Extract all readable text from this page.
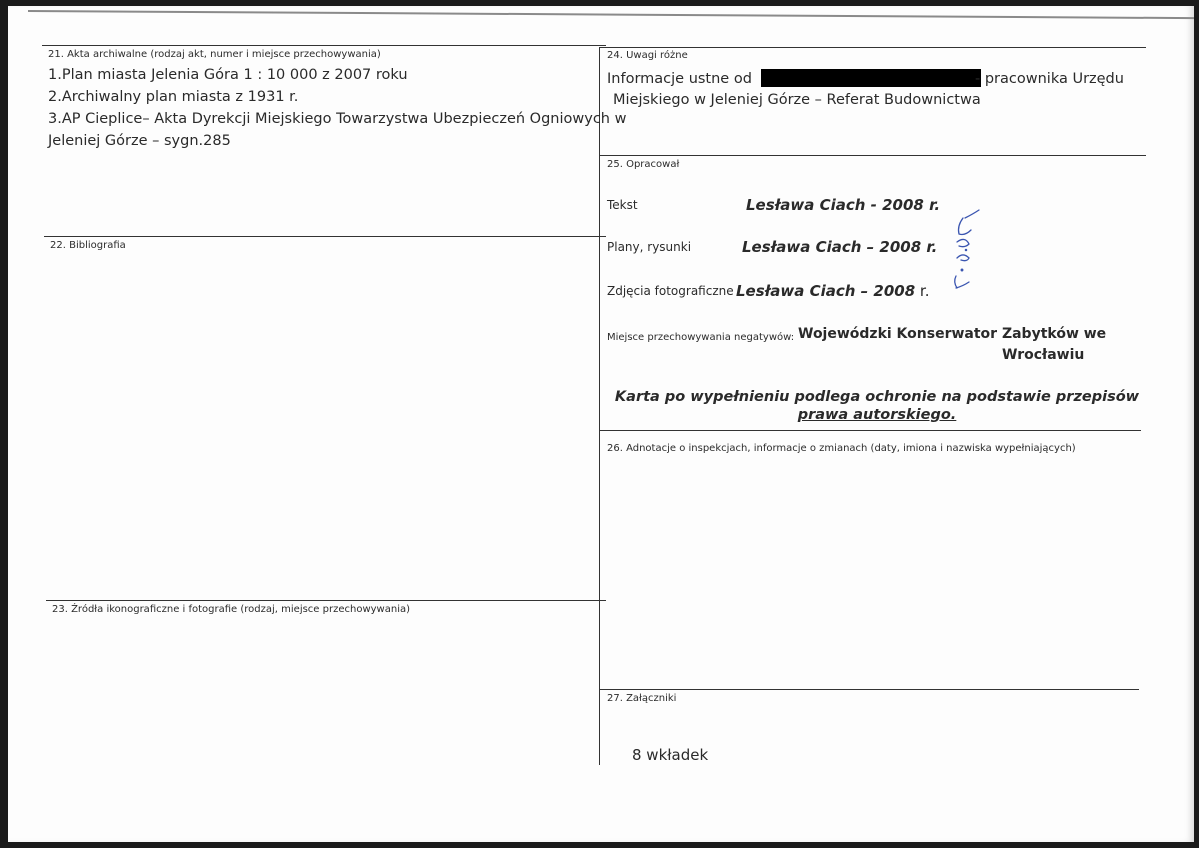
21. Akta archiwalne (rodzaj akt, numer i miejsce przechowywania)
1.Plan miasta Jelenia Góra 1 : 10 000 z 2007 roku
2.Archiwalny plan miasta z 1931 r.
3.AP Cieplice– Akta Dyrekcji Miejskiego Towarzystwa Ubezpieczeń Ogniowych w
Jeleniej Górze – sygn.285
22. Bibliografia
23. Źródła ikonograficzne i fotografie (rodzaj, miejsce przechowywania)
24. Uwagi różne
Informacje ustne od	- pracownika Urzędu
Miejskiego w Jeleniej Górze – Referat Budownictwa
25. Opracował
Tekst	Lesława Ciach - 2008 r.
Plany, rysunki	Lesława Ciach – 2008 r.
Zdjęcia fotograficzne Lesława Ciach – 2008 r.
Miejsce przechowywania negatywów: Wojewódzki Konserwator Zabytków we
Wrocławiu
Karta po wypełnieniu podlega ochronie na podstawie przepisów
prawa autorskiego.
26. Adnotacje o inspekcjach, informacje o zmianach (daty, imiona i nazwiska wypełniających)
27. Załączniki
8 wkładek
